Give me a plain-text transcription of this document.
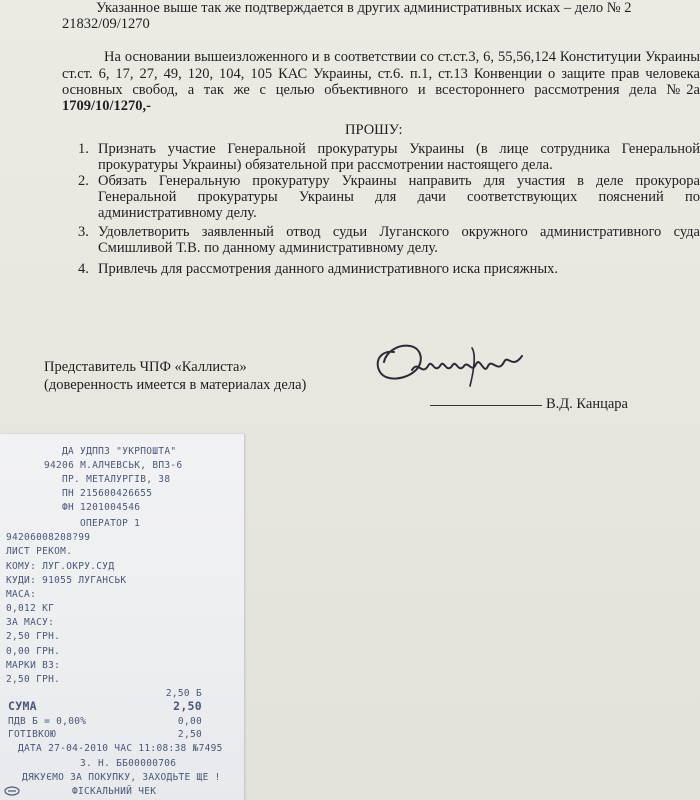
Указанное выше так же подтверждается в других административных исках – дело № 2
21832/09/1270
На основании вышеизложенного и в соответствии со ст.ст.3, 6, 55,56,124 Конституции Украины
ст.ст. 6, 17, 27, 49, 120, 104, 105 КАС Украины, ст.6. п.1, ст.13 Конвенции о защите прав человека
основных свобод, а так же с целью объективного и всестороннего рассмотрения дела №2а
1709/10/1270,-
ПРОШУ:
1. Признать участие Генеральной прокуратуры Украины (в лице сотрудника Генеральной
прокуратуры Украины) обязательной при рассмотрении настоящего дела.
2. Обязать Генеральную прокуратуру Украины направить для участия в деле прокурора
Генеральной прокуратуры Украины для дачи соответствующих пояснений по
административному делу.
3. Удовлетворить заявленный отвод судьи Луганского окружного административного суда
Смишливой Т.В. по данному административному делу.
4. Привлечь для рассмотрения данного административного иска присяжных.
Представитель ЧПФ «Каллиста»
(доверенность имеется в материалах дела)
В.Д. Канцара
ДА УДППЗ "УКРПОШТА"
94206 М.АЛЧЕВСЬК, ВПЗ-6
ПР. МЕТАЛУРГІВ, 38
ПН 215600426655
ФН 1201004546
ОПЕРАТОР 1
94206008208?99
ЛИСТ РЕКОМ.
КОМУ: ЛУГ.ОКРУ.СУД
КУДИ: 91055 ЛУГАНСЬК
МАСА:
0,012 КГ
ЗА МАСУ:
2,50 ГРН.
0,00 ГРН.
МАРКИ ВЗ:
2,50 ГРН.
2,50 Б
СУМА	2,50
ПДВ Б = 0,00%	0,00
ГОТІВКОЮ	2,50
ДАТА 27-04-2010 ЧАС 11:08:38 №7495
З. Н. ББ00000706
ДЯКУЄМО ЗА ПОКУПКУ, ЗАХОДЬТЕ ЩЕ !
ФІСКАЛЬНИЙ ЧЕК
